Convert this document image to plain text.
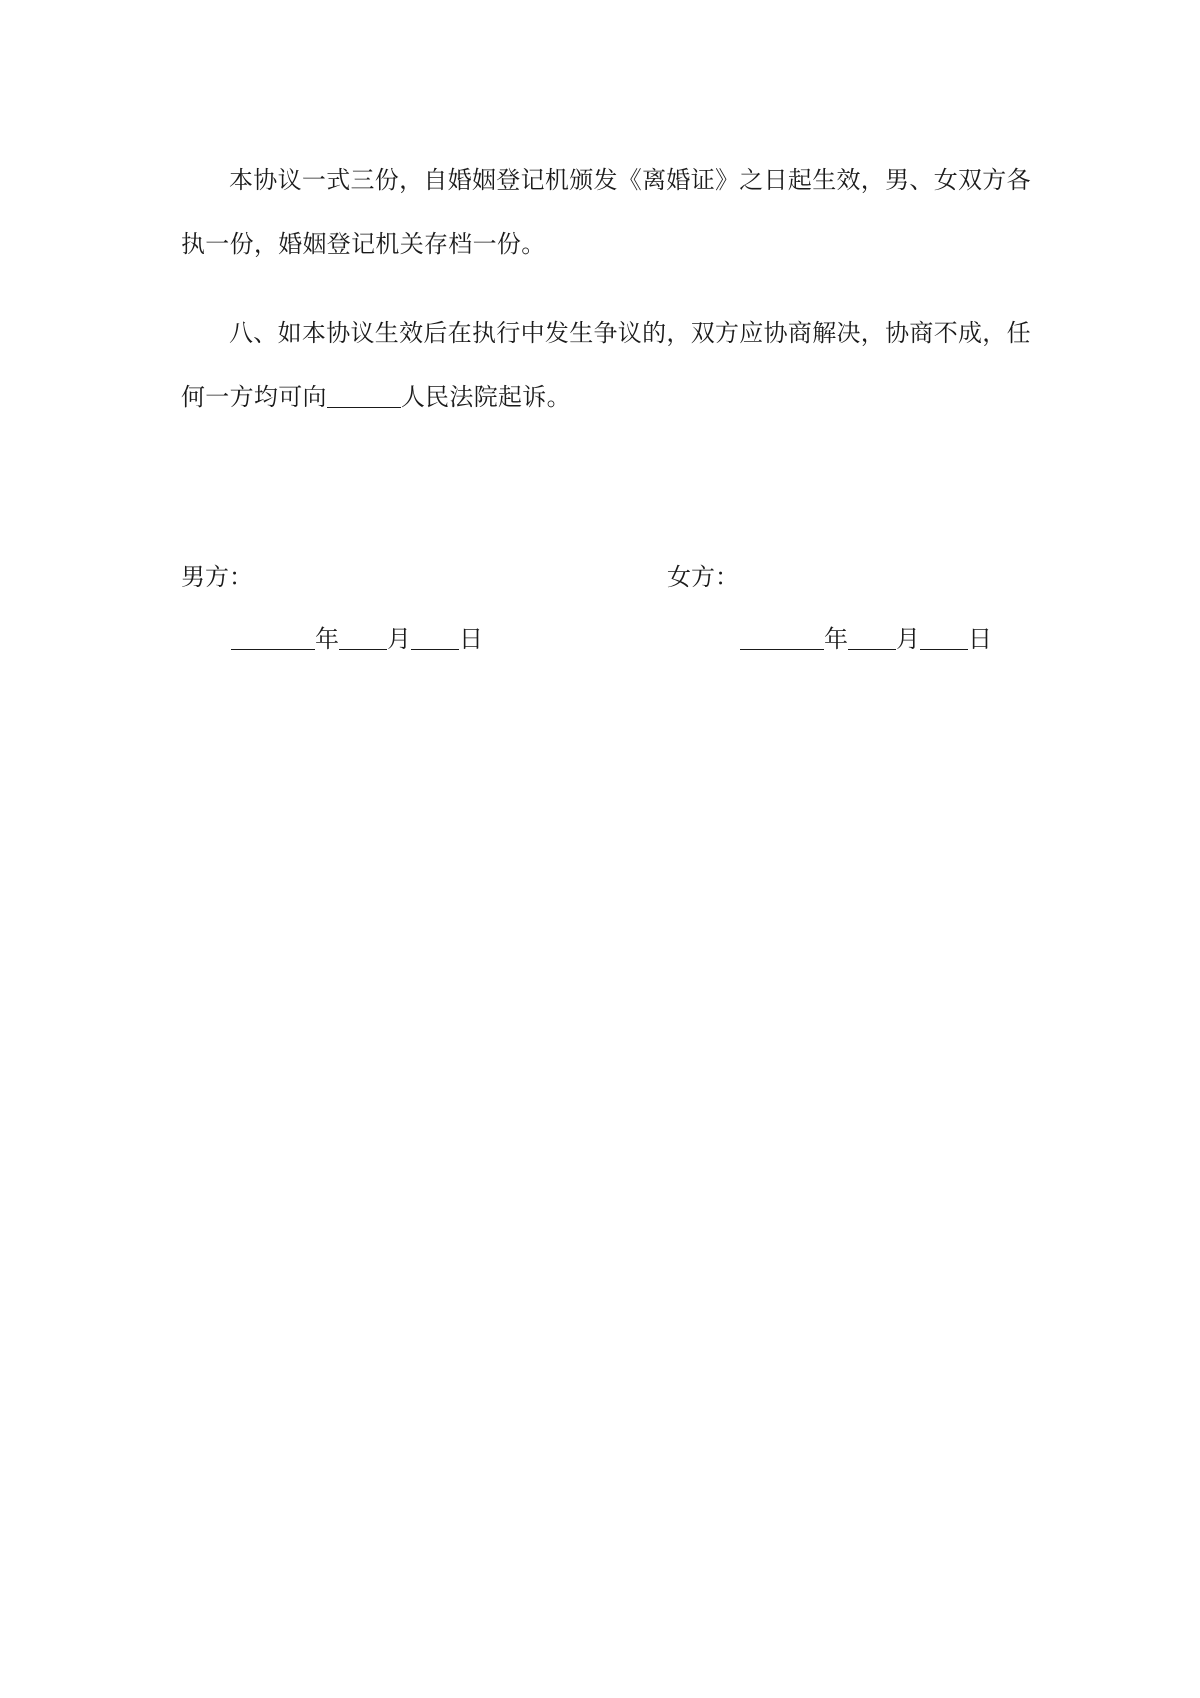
本协议一式三份，自婚姻登记机颁发《离婚证》之日起生效，男、女双方各执一份，婚姻登记机关存档一份。

八、如本协议生效后在执行中发生争议的，双方应协商解决，协商不成，任何一方均可向	人民法院起诉。

男方：	女方：

年 月 日	年 月 日
